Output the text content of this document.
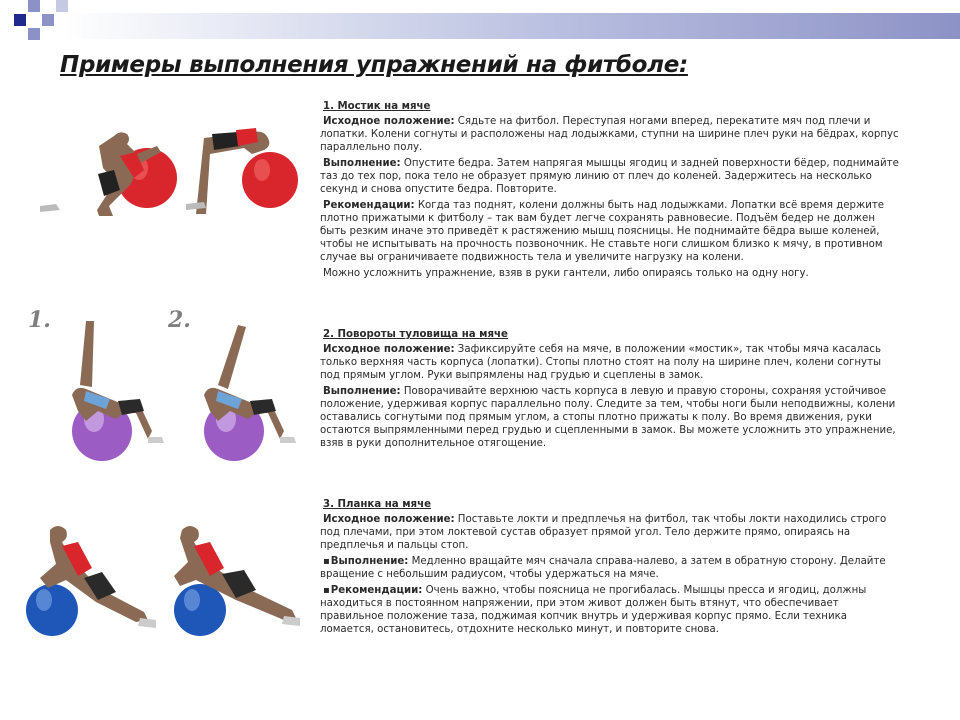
Примеры выполнения упражнений на фитболе:
1.	2.
1. Мостик на мяче

Исходное положение: Сядьте на фитбол. Переступая ногами вперед, перекатите мяч под плечи и лопатки. Колени согнуты и расположены над лодыжками, ступни на ширине плеч руки на бёдрах, корпус параллельно полу.

Выполнение: Опустите бедра. Затем напрягая мышцы ягодиц и задней поверхности бёдер, поднимайте таз до тех пор, пока тело не образует прямую линию от плеч до коленей. Задержитесь на несколько секунд и снова опустите бедра. Повторите.

Рекомендации: Когда таз поднят, колени должны быть над лодыжками. Лопатки всё время держите плотно прижатыми к фитболу – так вам будет легче сохранять равновесие. Подъём бедер не должен быть резким иначе это приведёт к растяжению мышц поясницы. Не поднимайте бёдра выше коленей, чтобы не испытывать на прочность позвоночник. Не ставьте ноги слишком близко к мячу, в противном случае вы ограничиваете подвижность тела и увеличите нагрузку на колени.

Можно усложнить упражнение, взяв в руки гантели, либо опираясь только на одну ногу.

2. Повороты туловища на мяче

Исходное положение: Зафиксируйте себя на мяче, в положении «мостик», так чтобы мяча касалась только верхняя часть корпуса (лопатки). Стопы плотно стоят на полу на ширине плеч, колени согнуты под прямым углом. Руки выпрямлены над грудью и сцеплены в замок.

Выполнение: Поворачивайте верхнюю часть корпуса в левую и правую стороны, сохраняя устойчивое положение, удерживая корпус параллельно полу. Следите за тем, чтобы ноги были неподвижны, колени оставались согнутыми под прямым углом, а стопы плотно прижаты к полу. Во время движения, руки остаются выпрямленными перед грудью и сцепленными в замок. Вы можете усложнить это упражнение, взяв в руки дополнительное отягощение.

3. Планка на мяче

Исходное положение: Поставьте локти и предплечья на фитбол, так чтобы локти находились строго под плечами, при этом локтевой сустав образует прямой угол. Тело держите прямо, опираясь на предплечья и пальцы стоп.

▪ Выполнение: Медленно вращайте мяч сначала справа-налево, а затем в обратную сторону. Делайте вращение с небольшим радиусом, чтобы удержаться на мяче.

▪ Рекомендации: Очень важно, чтобы поясница не прогибалась. Мышцы пресса и ягодиц, должны находиться в постоянном напряжении, при этом живот должен быть втянут, что обеспечивает правильное положение таза, поджимая копчик внутрь и удерживая корпус прямо. Если техника ломается, остановитесь, отдохните несколько минут, и повторите снова.
